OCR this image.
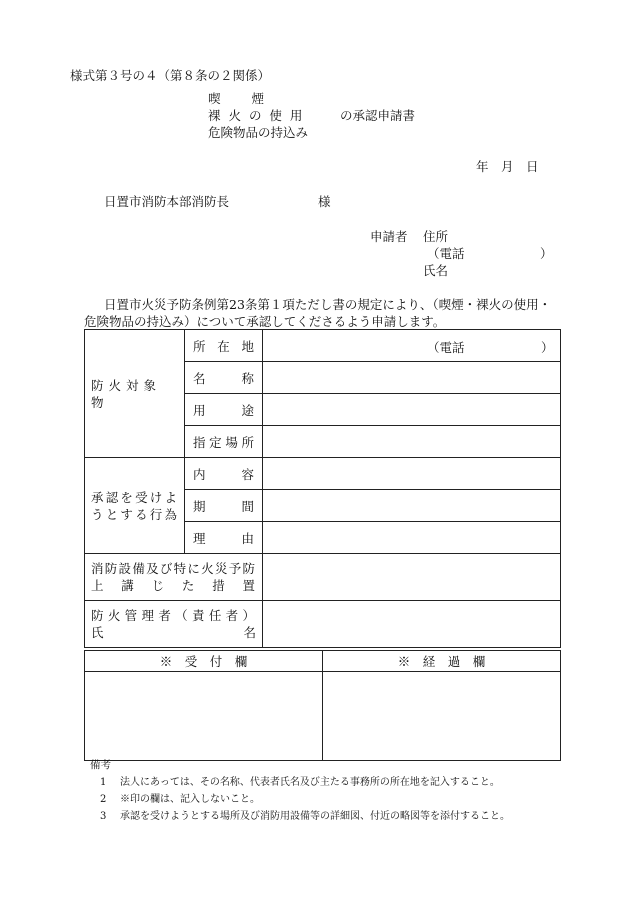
様式第３号の４（第８条の２関係）
喫　　煙
裸 火 の 使 用
危険物品の持込み
の承認申請書
年　月　日
日置市消防本部消防長	様
申請者 住所
（電話	）
氏名
日置市火災予防条例第23条第１項ただし書の規定により、（喫煙・裸火の使用・危険物品の持込み）について承認してくださるよう申請します。
防火対象物	所在地	（電話 ）

	名称	
	用途	
	指定場所	
承認を受けようとする行為	内容	
	期間	
	理由	
消防設備及び特に火災予防上講じた措置		

防火管理者（責任者）
氏 名		

※　受　付　欄	※　経　過　欄

備考
1 法人にあっては、その名称、代表者氏名及び主たる事務所の所在地を記入すること。
2 ※印の欄は、記入しないこと。
3 承認を受けようとする場所及び消防用設備等の詳細図、付近の略図等を添付すること。
